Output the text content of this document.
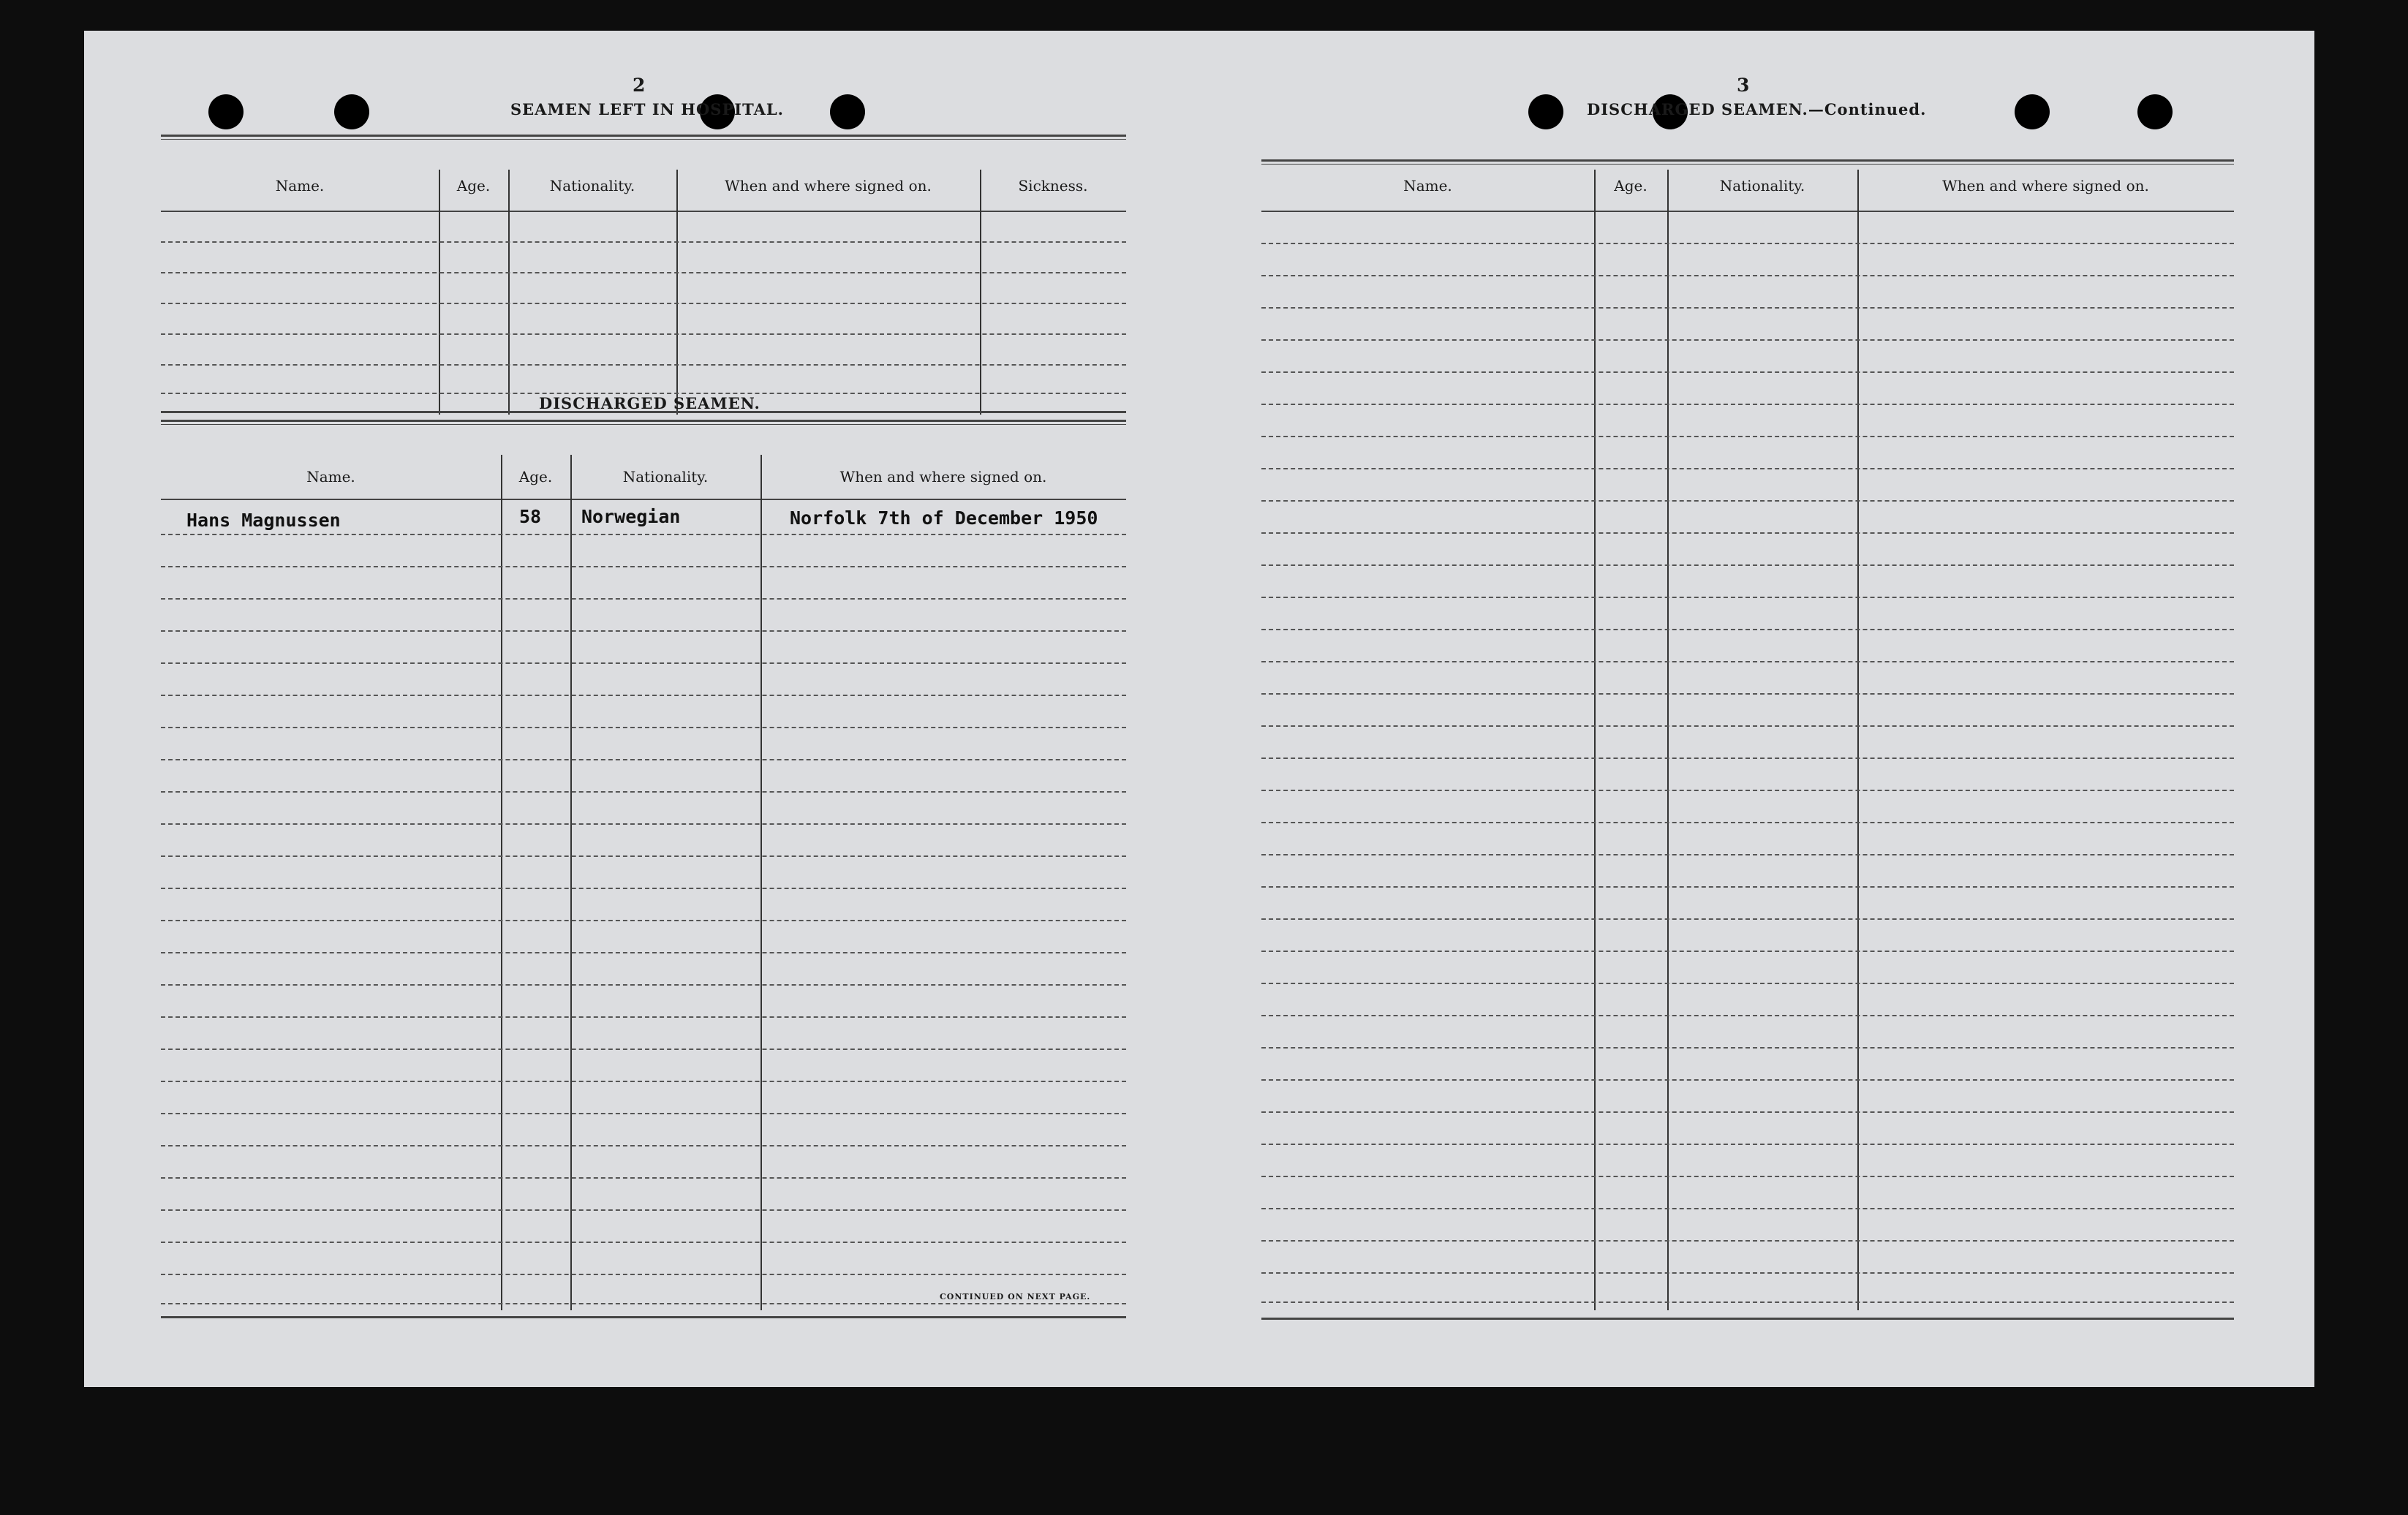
2
SEAMEN LEFT IN HOSPITAL.
Name.	Age.	Nationality.	When and where signed on.	Sickness.
DISCHARGED SEAMEN.
Name.	Age.	Nationality.	When and where signed on.
Hans Magnussen	58 Norwegian	Norfolk 7th of December 1950
CONTINUED ON NEXT PAGE.
3
DISCHARGED SEAMEN.—Continued.
Name.	Age.	Nationality.	When and where signed on.
